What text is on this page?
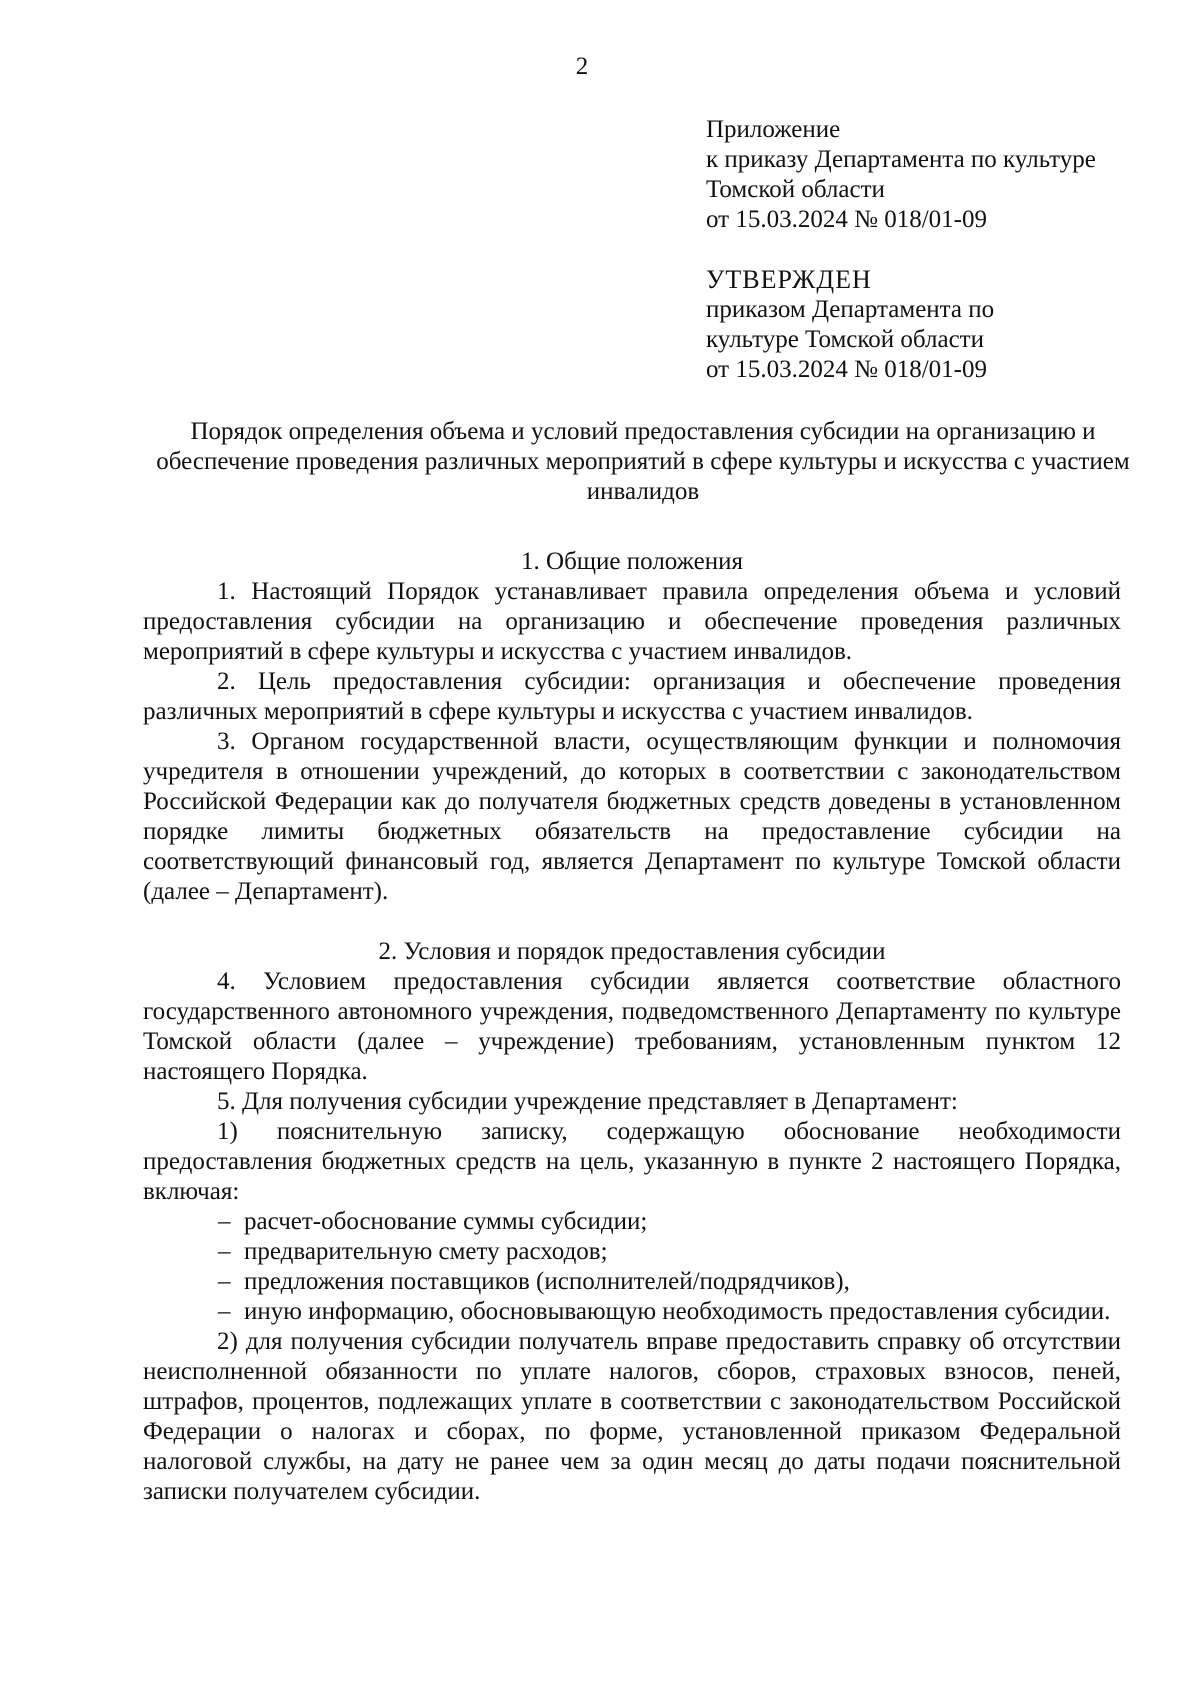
2
Приложение
к приказу Департамента по культуре
Томской области
от 15.03.2024 № 018/01-09
УТВЕРЖДЕН
приказом Департамента по
культуре Томской области
от 15.03.2024 № 018/01-09
Порядок определения объема и условий предоставления субсидии на организацию и обеспечение проведения различных мероприятий в сфере культуры и искусства с участием инвалидов

1. Общие положения

1. Настоящий Порядок устанавливает правила определения объема и условий предоставления субсидии на организацию и обеспечение проведения различных мероприятий в сфере культуры и искусства с участием инвалидов.

2. Цель предоставления субсидии: организация и обеспечение проведения различных мероприятий в сфере культуры и искусства с участием инвалидов.

3. Органом государственной власти, осуществляющим функции и полномочия учредителя в отношении учреждений, до которых в соответствии с законодательством Российской Федерации как до получателя бюджетных средств доведены в установленном порядке лимиты бюджетных обязательств на предоставление субсидии на соответствующий финансовый год, является Департамент по культуре Томской области (далее – Департамент).

2. Условия и порядок предоставления субсидии

4. Условием предоставления субсидии является соответствие областного государственного автономного учреждения, подведомственного Департаменту по культуре Томской области (далее – учреждение) требованиям, установленным пунктом 12 настоящего Порядка.

5. Для получения субсидии учреждение представляет в Департамент:

1) пояснительную записку, содержащую обоснование необходимости предоставления бюджетных средств на цель, указанную в пункте 2 настоящего Порядка, включая:

– расчет-обоснование суммы субсидии;
– предварительную смету расходов;
– предложения поставщиков (исполнителей/подрядчиков),
– иную информацию, обосновывающую необходимость предоставления субсидии.

2) для получения субсидии получатель вправе предоставить справку об отсутствии неисполненной обязанности по уплате налогов, сборов, страховых взносов, пеней, штрафов, процентов, подлежащих уплате в соответствии с законодательством Российской Федерации о налогах и сборах, по форме, установленной приказом Федеральной налоговой службы, на дату не ранее чем за один месяц до даты подачи пояснительной записки получателем субсидии.
